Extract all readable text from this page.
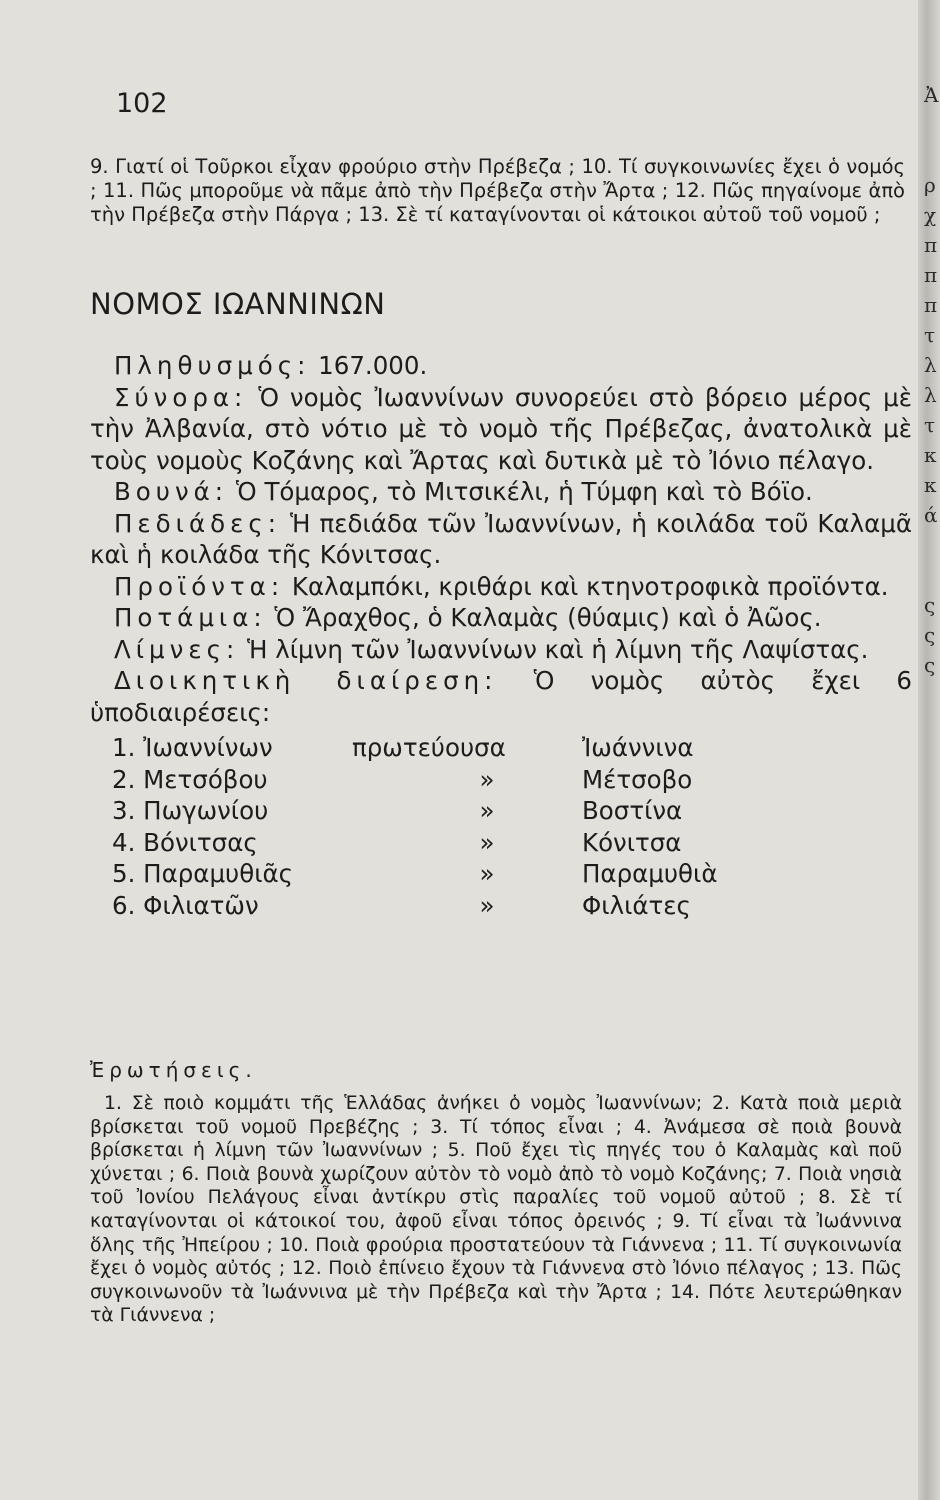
102
9. Γιατί οἱ Τοῦρκοι εἶχαν φρούριο στὴν Πρέβεζα ; 10. Τί συγκοινωνίες ἔχει ὁ νομός ; 11. Πῶς μποροῦμε νὰ πᾶμε ἀπὸ τὴν Πρέβεζα στὴν Ἄρτα ; 12. Πῶς πηγαίνομε ἀπὸ τὴν Πρέβεζα στὴν Πάργα ; 13. Σὲ τί καταγίνονται οἱ κάτοικοι αὐτοῦ τοῦ νομοῦ ;
ΝΟΜΟΣ ΙΩΑΝΝΙΝΩΝ
Πληθυσμός: 167.000.
Σύνορα: Ὁ νομὸς Ἰωαννίνων συνορεύει στὸ βόρειο μέρος μὲ τὴν Ἀλβανία, στὸ νότιο μὲ τὸ νομὸ τῆς Πρέβεζας, ἀνατολικὰ μὲ τοὺς νομοὺς Κοζάνης καὶ Ἄρτας καὶ δυτικὰ μὲ τὸ Ἰόνιο πέλαγο.
Βουνά: Ὁ Τόμαρος, τὸ Μιτσικέλι, ἡ Τύμφη καὶ τὸ Βόϊο.
Πεδιάδες: Ἡ πεδιάδα τῶν Ἰωαννίνων, ἡ κοιλάδα τοῦ Καλαμᾶ καὶ ἡ κοιλάδα τῆς Κόνιτσας.
Προϊόντα: Καλαμπόκι, κριθάρι καὶ κτηνοτροφικὰ προϊόντα.
Ποτάμια: Ὁ Ἄραχθος, ὁ Καλαμὰς (θύαμις) καὶ ὁ Ἀῶος.
Λίμνες: Ἡ λίμνη τῶν Ἰωαννίνων καὶ ἡ λίμνη τῆς Λαψίστας.
Διοικητικὴ διαίρεση: Ὁ νομὸς αὐτὸς ἔχει 6 ὑποδιαιρέσεις:
1. Ἰωαννίνων	πρωτεύουσα	Ἰωάννινα
2. Μετσόβου	»	Μέτσοβο
3. Πωγωνίου	»	Βοστίνα
4. Βόνιτσας	»	Κόνιτσα
5. Παραμυθιᾶς	»	Παραμυθιὰ
6. Φιλιατῶν	»	Φιλιάτες
Ἐρωτήσεις.
1. Σὲ ποιὸ κομμάτι τῆς Ἑλλάδας ἀνήκει ὁ νομὸς Ἰωαννίνων; 2. Κατὰ ποιὰ μεριὰ βρίσκεται τοῦ νομοῦ Πρεβέζης ; 3. Τί τόπος εἶναι ; 4. Ἀνάμεσα σὲ ποιὰ βουνὰ βρίσκεται ἡ λίμνη τῶν Ἰωαννίνων ; 5. Ποῦ ἔχει τὶς πηγές του ὁ Καλαμὰς καὶ ποῦ χύνεται ; 6. Ποιὰ βουνὰ χωρίζουν αὐτὸν τὸ νομὸ ἀπὸ τὸ νομὸ Κοζάνης; 7. Ποιὰ νησιὰ τοῦ Ἰονίου Πελάγους εἶναι ἀντίκρυ στὶς παραλίες τοῦ νομοῦ αὐτοῦ ; 8. Σὲ τί καταγίνονται οἱ κάτοικοί του, ἀφοῦ εἶναι τόπος ὀρεινός ; 9. Τί εἶναι τὰ Ἰωάννινα ὅλης τῆς Ἠπείρου ; 10. Ποιὰ φρούρια προστατεύουν τὰ Γιάννενα ; 11. Τί συγκοινωνία ἔχει ὁ νομὸς αὐτός ; 12. Ποιὸ ἐπίνειο ἔχουν τὰ Γιάννενα στὸ Ἰόνιο πέλαγος ; 13. Πῶς συγκοινωνοῦν τὰ Ἰωάννινα μὲ τὴν Πρέβεζα καὶ τὴν Ἄρτα ; 14. Πότε λευτερώθηκαν τὰ Γιάννενα ;
Ἀ
ρ
χ
π
π
π
τ
λ
λ
τ
κ
κ
ά
ς
ς
ς
